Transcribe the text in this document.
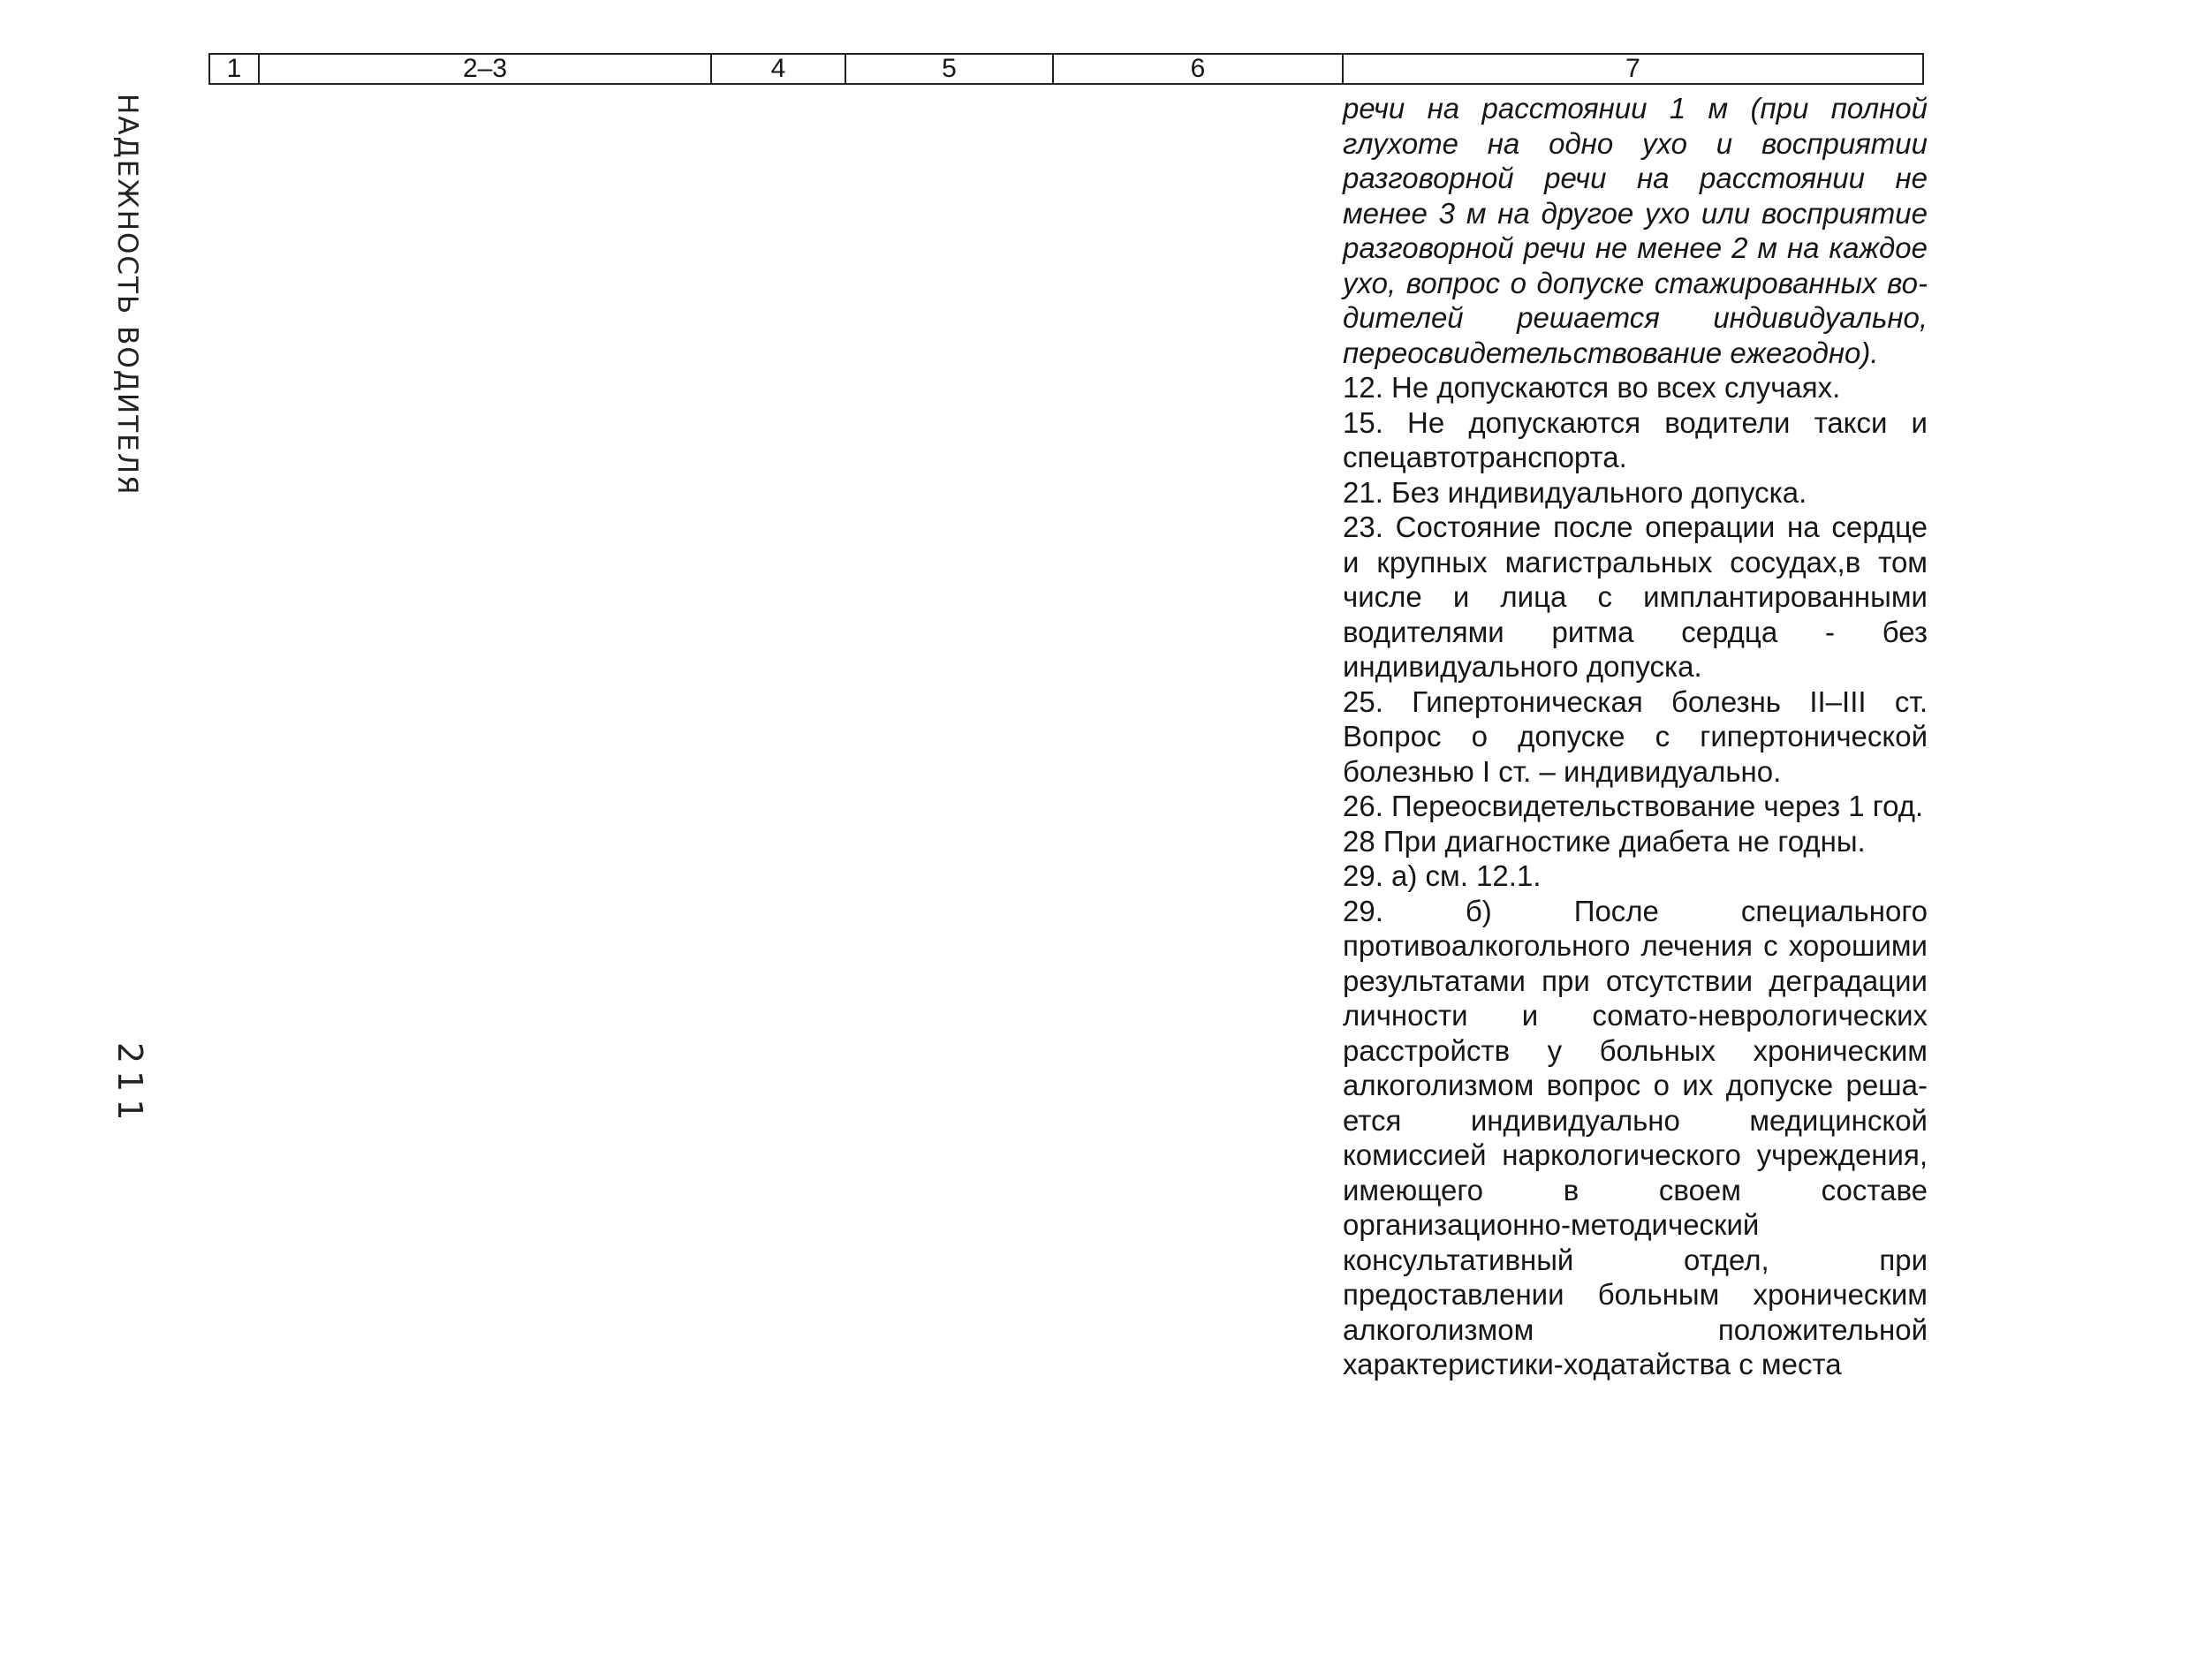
НАДЕЖНОСТЬ ВОДИТЕЛЯ
211
1	2–3	4	5	6	7

речи на расстоянии 1 м (при полной глухоте на одно ухо и восприятии разговорной речи на расстоянии не менее 3 м на другое ухо или восприятие разговорной речи не менее 2 м на каждое ухо, вопрос о допуске стажированных водителей решается индивидуально, переосвидетельствование ежегодно).

12. Не допускаются во всех случаях.

15. Не допускаются водители такси и спецавтотранспорта.

21. Без индивидуального допуска.

23. Состояние после операции на сердце и крупных магистральных сосудах,в том числе и лица с имплантированными водителями ритма сердца - без индивидуального допуска.

25. Гипертоническая болезнь II–III ст. Вопрос о допуске с гипертонической болезнью I ст. – индивидуально.

26. Переосвидетельствование через 1 год.

28 При диагностике диабета не годны.

29. а) см. 12.1.

29. б) После специального противоалкогольного лечения с хорошими результатами при отсутствии деградации личности и сомато-неврологических расстройств у больных хроническим алкоголизмом вопрос о их допуске решается индивидуально медицинской комиссией наркологического учреждения, имеющего в своем составе организационно-методический консультативный отдел, при предоставлении больным хроническим алкоголизмом положительной характеристики-ходатайства с места
